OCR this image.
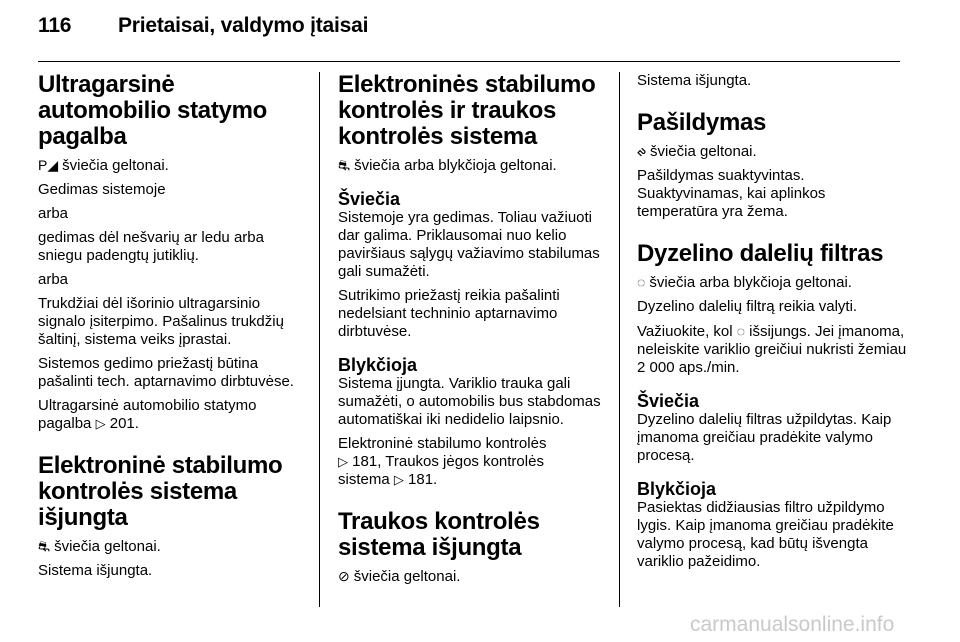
116 Prietaisai, valdymo įtaisai
Ultragarsinė automobilio statymo pagalba

P◢ šviečia geltonai.

Gedimas sistemoje

arba

gedimas dėl nešvarių ar ledu arba sniegu padengtų jutiklių.

arba

Trukdžiai dėl išorinio ultragarsinio signalo įsiterpimo. Pašalinus trukdžių šaltinį, sistema veiks įprastai.

Sistemos gedimo priežastį būtina pašalinti tech. aptarnavimo dirbtuvėse.

Ultragarsinė automobilio statymo pagalba ▷ 201.

Elektroninė stabilumo kontrolės sistema išjungta

⛐ šviečia geltonai.

Sistema išjungta.

Elektroninės stabilumo kontrolės ir traukos kontrolės sistema

⛐ šviečia arba blykčioja geltonai.

Šviečia

Sistemoje yra gedimas. Toliau važiuoti dar galima. Priklausomai nuo kelio paviršiaus sąlygų važiavimo stabilumas gali sumažėti.

Sutrikimo priežastį reikia pašalinti nedelsiant techninio aptarnavimo dirbtuvėse.

Blykčioja

Sistema įjungta. Variklio trauka gali sumažėti, o automobilis bus stabdomas automatiškai iki nedidelio laipsnio.

Elektroninė stabilumo kontrolės
▷ 181, Traukos jėgos kontrolės
sistema ▷ 181.

Traukos kontrolės sistema išjungta

⊘ šviečia geltonai.

Sistema išjungta.

Pašildymas

ᰊ šviečia geltonai.

Pašildymas suaktyvintas. Suaktyvinamas, kai aplinkos temperatūra yra žema.

Dyzelino dalelių filtras

◌ šviečia arba blykčioja geltonai.

Dyzelino dalelių filtrą reikia valyti.

Važiuokite, kol ◌ išsijungs. Jei įmanoma, neleiskite variklio greičiui nukristi žemiau 2 000 aps./min.

Šviečia

Dyzelino dalelių filtras užpildytas. Kaip įmanoma greičiau pradėkite valymo procesą.

Blykčioja

Pasiektas didžiausias filtro užpildymo lygis. Kaip įmanoma greičiau pradėkite valymo procesą, kad būtų išvengta variklio pažeidimo.

carmanualsonline.info
